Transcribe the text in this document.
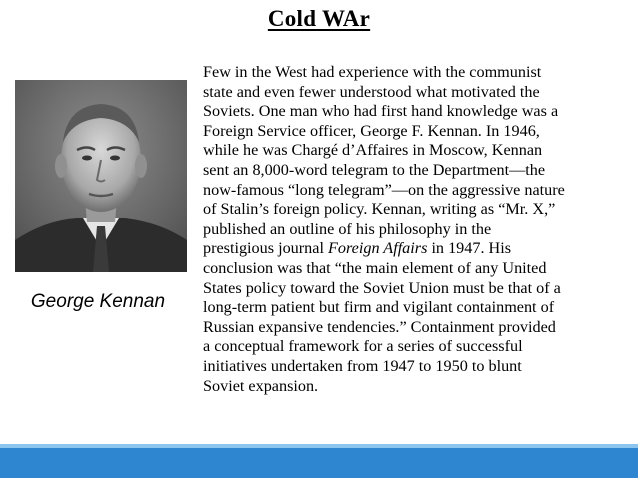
Cold WAr
George Kennan
Few in the West had experience with the communist
state and even fewer understood what motivated the
Soviets. One man who had first hand knowledge was a
Foreign Service officer, George F. Kennan. In 1946,
while he was Chargé d’Affaires in Moscow, Kennan
sent an 8,000-word telegram to the Department—the
now-famous “long telegram”—on the aggressive nature
of Stalin’s foreign policy. Kennan, writing as “Mr. X,”
published an outline of his philosophy in the
prestigious journal Foreign Affairs in 1947. His
conclusion was that “the main element of any United
States policy toward the Soviet Union must be that of a
long-term patient but firm and vigilant containment of
Russian expansive tendencies.” Containment provided
a conceptual framework for a series of successful
initiatives undertaken from 1947 to 1950 to blunt
Soviet expansion.
